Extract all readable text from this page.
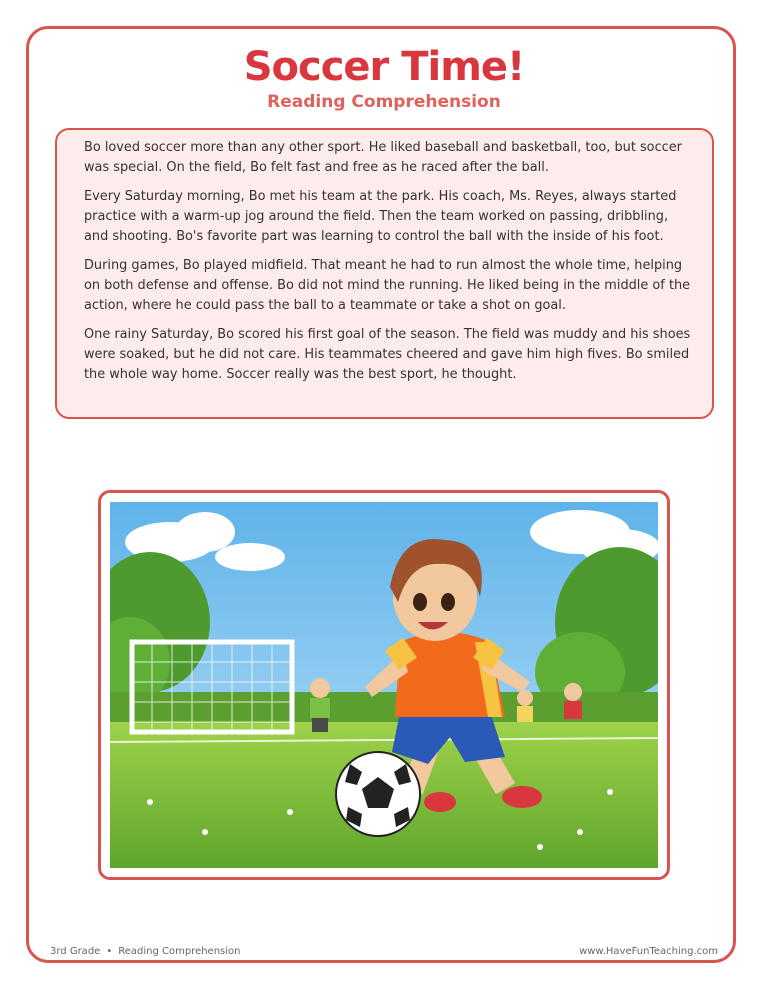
Soccer Time!
Reading Comprehension

Bo loved soccer more than any other sport. He liked baseball and basketball, too, but soccer was special. On the field, Bo felt fast and free as he raced after the ball.

Every Saturday morning, Bo met his team at the park. His coach, Ms. Reyes, always started practice with a warm-up jog around the field. Then the team worked on passing, dribbling, and shooting. Bo's favorite part was learning to control the ball with the inside of his foot.

During games, Bo played midfield. That meant he had to run almost the whole time, helping on both defense and offense. Bo did not mind the running. He liked being in the middle of the action, where he could pass the ball to a teammate or take a shot on goal.

One rainy Saturday, Bo scored his first goal of the season. The field was muddy and his shoes were soaked, but he did not care. His teammates cheered and gave him high fives. Bo smiled the whole way home. Soccer really was the best sport, he thought.

3rd Grade • Reading Comprehension	www.HaveFunTeaching.com
